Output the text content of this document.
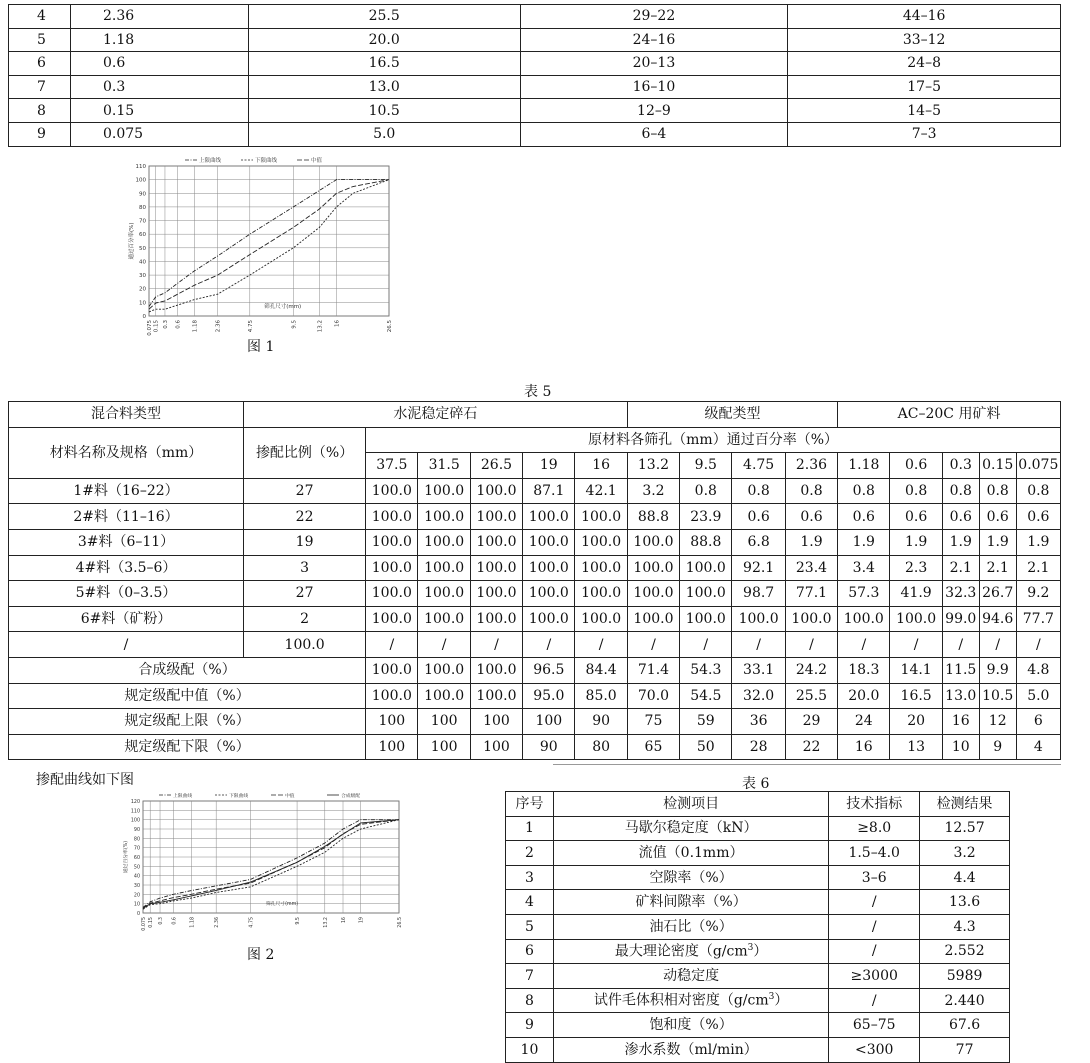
4	2.36	25.5	29–22	44–16
5	1.18	20.0	24–16	33–12
6	0.6	16.5	20–13	24–8
7	0.3	13.0	16–10	17–5
8	0.15	10.5	12–9	14–5
9	0.075	5.0	6–4	7–3
0
10
20
30
40
50
60
70
80
90
100
110
0.075 0.15 0.3 0.6 1.18	2.36	4.75	9.5	13.2 16	26.5
通过百分率(%)
筛孔尺寸(mm)
上限曲线	下限曲线	中值
图 1
表 5
混合料类型	水泥稳定碎石						级配类型				AC–20C 用矿料				
材料名称及规格（mm）	掺配比例（%）	原材料各筛孔（mm）通过百分率（%）													
		37.5	31.5	26.5	19	16	13.2	9.5	4.75	2.36	1.18	0.6	0.3	0.15	0.075
1#料（16–22）	27	100.0	100.0	100.0	87.1	42.1	3.2	0.8	0.8	0.8	0.8	0.8	0.8	0.8	0.8
2#料（11–16）	22	100.0	100.0	100.0	100.0	100.0	88.8	23.9	0.6	0.6	0.6	0.6	0.6	0.6	0.6
3#料（6–11）	19	100.0	100.0	100.0	100.0	100.0	100.0	88.8	6.8	1.9	1.9	1.9	1.9	1.9	1.9
4#料（3.5–6）	3	100.0	100.0	100.0	100.0	100.0	100.0	100.0	92.1	23.4	3.4	2.3	2.1	2.1	2.1
5#料（0–3.5）	27	100.0	100.0	100.0	100.0	100.0	100.0	100.0	98.7	77.1	57.3	41.9	32.3	26.7	9.2
6#料（矿粉）	2	100.0	100.0	100.0	100.0	100.0	100.0	100.0	100.0	100.0	100.0	100.0	99.0	94.6	77.7
/	100.0	/	/	/	/	/	/	/	/	/	/	/	/	/	/
合成级配（%）		100.0	100.0	100.0	96.5	84.4	71.4	54.3	33.1	24.2	18.3	14.1	11.5	9.9	4.8
规定级配中值（%）		100.0	100.0	100.0	95.0	85.0	70.0	54.5	32.0	25.5	20.0	16.5	13.0	10.5	5.0
规定级配上限（%）		100	100	100	100	90	75	59	36	29	24	20	16	12	6
规定级配下限（%）		100	100	100	90	80	65	50	28	22	16	13	10	9	4
掺配曲线如下图
0
10
20
30
40
50
60
70
80
90
100
110
120
0.075 0.15 0.3 0.6	1.18	2.36	4.75	9.5	13.2	16	19	26.5
通过百分率(%)
筛孔尺寸(mm)
上限曲线	下限曲线	中值	合成级配
图 2
表 6
序号	检测项目	技术指标	检测结果
1	马歇尔稳定度（kN）	≥8.0	12.57
2	流值（0.1mm）	1.5–4.0	3.2
3	空隙率（%）	3–6	4.4
4	矿料间隙率（%）	/	13.6
5	油石比（%）	/	4.3
6	最大理论密度$(g/cm^3)$	/	2.552
7	动稳定度	≥3000	5989
8	试件毛体积相对密度$(g/cm^3)$	/	2.440
9	饱和度（%）	65–75	67.6
10	渗水系数（ml/min）	<300	77
